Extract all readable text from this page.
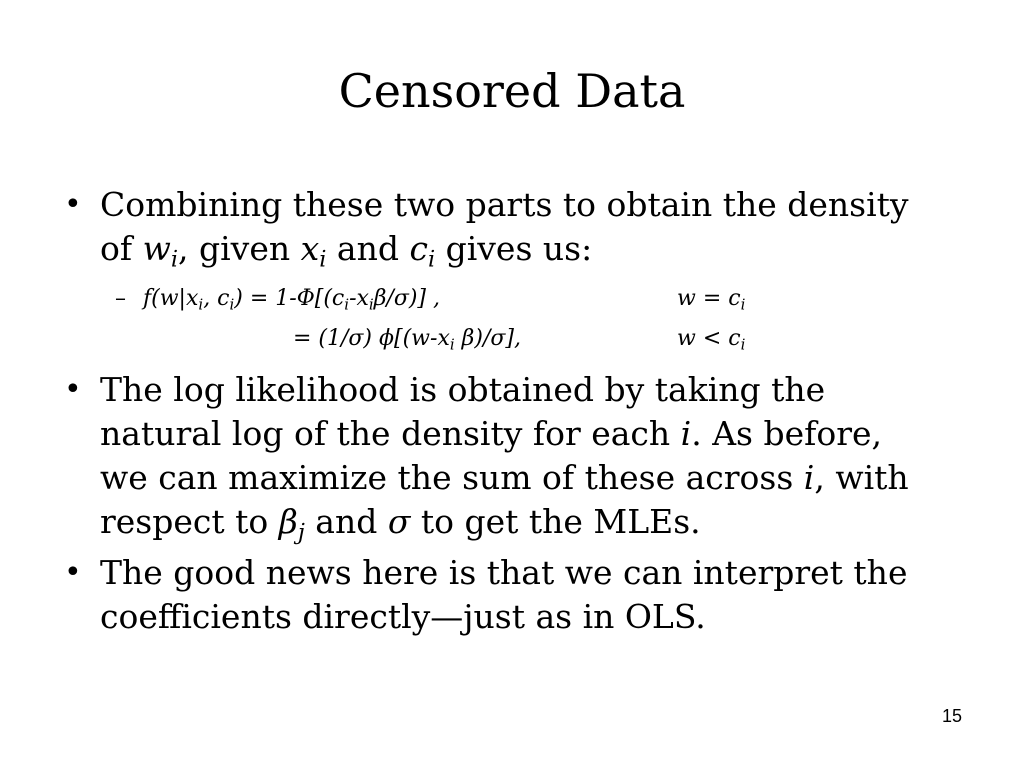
Censored Data
• Combining these two parts to obtain the density
of $w_i$, given $x_i$ and $c_i$ gives us:
– $f(w|x_i$, $c_i) = 1-\Phi[(c_i-x_i\beta/\sigma)]$ ,	$w = c_i$
= (1/σ) $\phi[(w-x_i$ β)/σ],	$w < c_i$
• The log likelihood is obtained by taking the
natural log of the density for each i. As before,
we can maximize the sum of these across i, with
respect to $\beta_j$ and σ to get the MLEs.
• The good news here is that we can interpret the
coefficients directly—just as in OLS.
15
